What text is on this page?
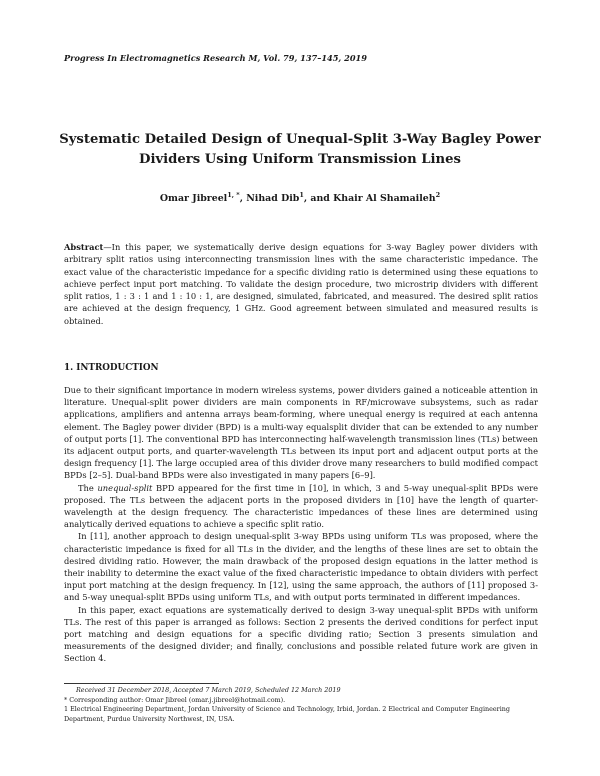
Progress In Electromagnetics Research M, Vol. 79, 137–145, 2019
Systematic Detailed Design of Unequal-Split 3-Way Bagley Power
Dividers Using Uniform Transmission Lines
Omar Jibreel$^{1, *}$, Nihad Dib$^1$, and Khair Al Shamaileh$^2$
Abstract—In this paper, we systematically derive design equations for 3-way Bagley power dividers with arbitrary split ratios using interconnecting transmission lines with the same characteristic impedance. The exact value of the characteristic impedance for a specific dividing ratio is determined using these equations to achieve perfect input port matching. To validate the design procedure, two microstrip dividers with different split ratios, 1 : 3 : 1 and 1 : 10 : 1, are designed, simulated, fabricated, and measured. The desired split ratios are achieved at the design frequency, 1 GHz. Good agreement between simulated and measured results is obtained.
1. INTRODUCTION

Due to their significant importance in modern wireless systems, power dividers gained a noticeable attention in literature. Unequal-split power dividers are main components in RF/microwave subsystems, such as radar applications, amplifiers and antenna arrays beam-forming, where unequal energy is required at each antenna element. The Bagley power divider (BPD) is a multi-way equalsplit divider that can be extended to any number of output ports [1]. The conventional BPD has interconnecting half-wavelength transmission lines (TLs) between its adjacent output ports, and quarter-wavelength TLs between its input port and adjacent output ports at the design frequency [1]. The large occupied area of this divider drove many researchers to build modified compact BPDs [2–5]. Dual-band BPDs were also investigated in many papers [6–9].

The unequal-split BPD appeared for the first time in [10], in which, 3 and 5-way unequal-split BPDs were proposed. The TLs between the adjacent ports in the proposed dividers in [10] have the length of quarter-wavelength at the design frequency. The characteristic impedances of these lines are determined using analytically derived equations to achieve a specific split ratio.

In [11], another approach to design unequal-split 3-way BPDs using uniform TLs was proposed, where the characteristic impedance is fixed for all TLs in the divider, and the lengths of these lines are set to obtain the desired dividing ratio. However, the main drawback of the proposed design equations in the latter method is their inability to determine the exact value of the fixed characteristic impedance to obtain dividers with perfect input port matching at the design frequency. In [12], using the same approach, the authors of [11] proposed 3- and 5-way unequal-split BPDs using uniform TLs, and with output ports terminated in different impedances.

In this paper, exact equations are systematically derived to design 3-way unequal-split BPDs with uniform TLs. The rest of this paper is arranged as follows: Section 2 presents the derived conditions for perfect input port matching and design equations for a specific dividing ratio; Section 3 presents simulation and measurements of the designed divider; and finally, conclusions and possible related future work are given in Section 4.

Received 31 December 2018, Accepted 7 March 2019, Scheduled 12 March 2019
* Corresponding author: Omar Jibreel (omar.j.jibreel@hotmail.com).
1 Electrical Engineering Department, Jordan University of Science and Technology, Irbid, Jordan. 2 Electrical and Computer Engineering Department, Purdue University Northwest, IN, USA.
